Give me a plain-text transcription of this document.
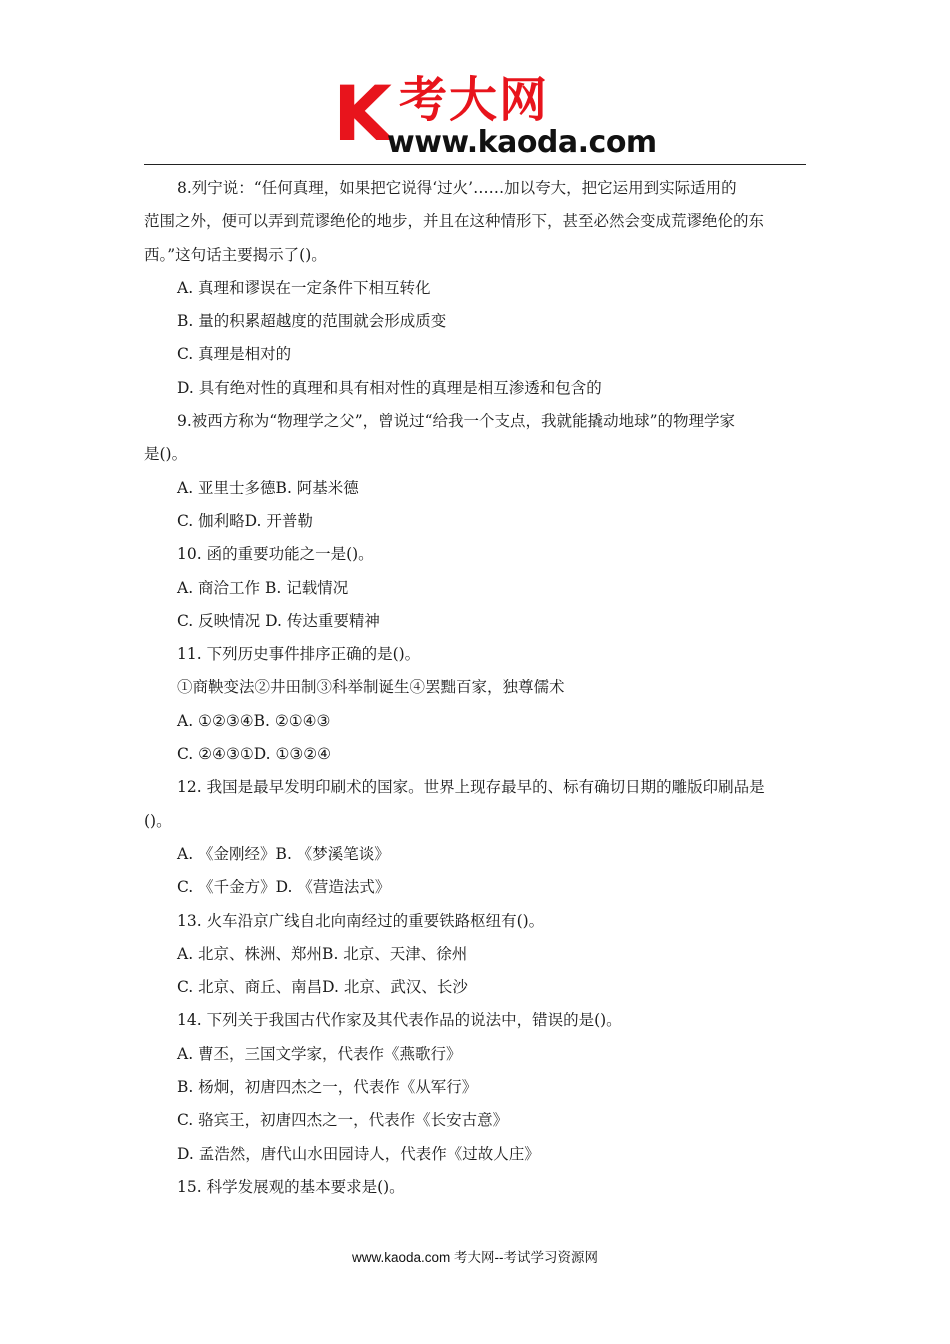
K 考大网
www.kaoda.com
8.列宁说：“任何真理，如果把它说得‘过火’……加以夸大，把它运用到实际适用的
范围之外，便可以弄到荒谬绝伦的地步，并且在这种情形下，甚至必然会变成荒谬绝伦的东
西。”这句话主要揭示了()。
A. 真理和谬误在一定条件下相互转化
B. 量的积累超越度的范围就会形成质变
C. 真理是相对的
D. 具有绝对性的真理和具有相对性的真理是相互渗透和包含的
9.被西方称为“物理学之父”，曾说过“给我一个支点，我就能撬动地球”的物理学家
是()。
A. 亚里士多德B. 阿基米德
C. 伽利略D. 开普勒
10. 函的重要功能之一是()。
A. 商洽工作 B. 记载情况
C. 反映情况 D. 传达重要精神
11. 下列历史事件排序正确的是()。
①商鞅变法②井田制③科举制诞生④罢黜百家，独尊儒术
A. ①②③④B. ②①④③
C. ②④③①D. ①③②④
12. 我国是最早发明印刷术的国家。世界上现存最早的、标有确切日期的雕版印刷品是
()。
A. 《金刚经》B. 《梦溪笔谈》
C. 《千金方》D. 《营造法式》
13. 火车沿京广线自北向南经过的重要铁路枢纽有()。
A. 北京、株洲、郑州B. 北京、天津、徐州
C. 北京、商丘、南昌D. 北京、武汉、长沙
14. 下列关于我国古代作家及其代表作品的说法中，错误的是()。
A. 曹丕，三国文学家，代表作《燕歌行》
B. 杨炯，初唐四杰之一，代表作《从军行》
C. 骆宾王，初唐四杰之一，代表作《长安古意》
D. 孟浩然，唐代山水田园诗人，代表作《过故人庄》
15. 科学发展观的基本要求是()。
www.kaoda.com 考大网--考试学习资源网
